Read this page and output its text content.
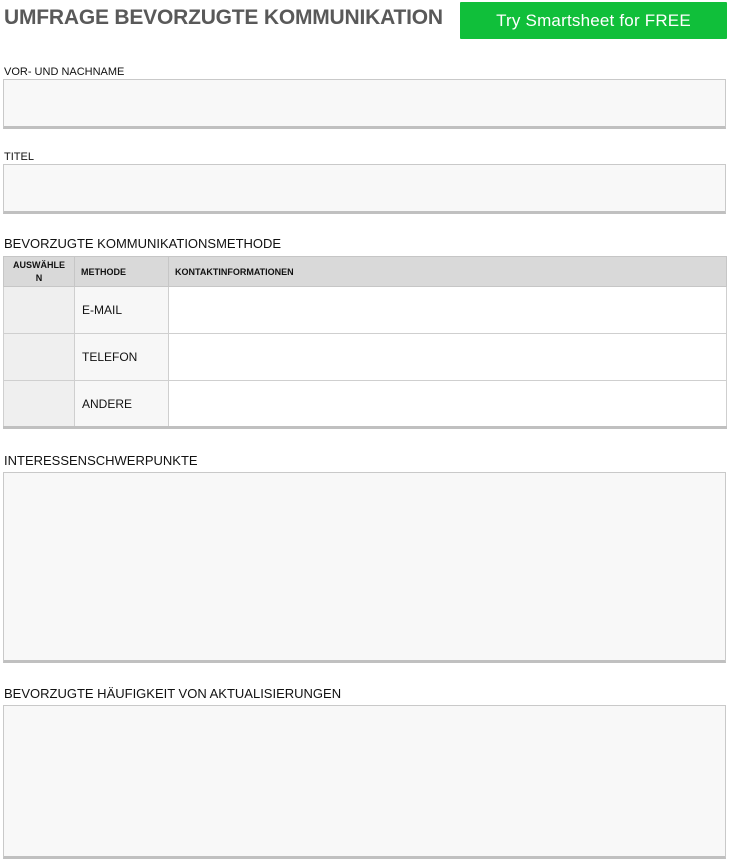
UMFRAGE BEVORZUGTE KOMMUNIKATION	Try Smartsheet for FREE
VOR- UND NACHNAME
TITEL
BEVORZUGTE KOMMUNIKATIONSMETHODE
AUSWÄHLE
N	METHODE	KONTAKTINFORMATIONEN
	E-MAIL	
	TELEFON	
	ANDERE	
INTERESSENSCHWERPUNKTE
BEVORZUGTE HÄUFIGKEIT VON AKTUALISIERUNGEN
